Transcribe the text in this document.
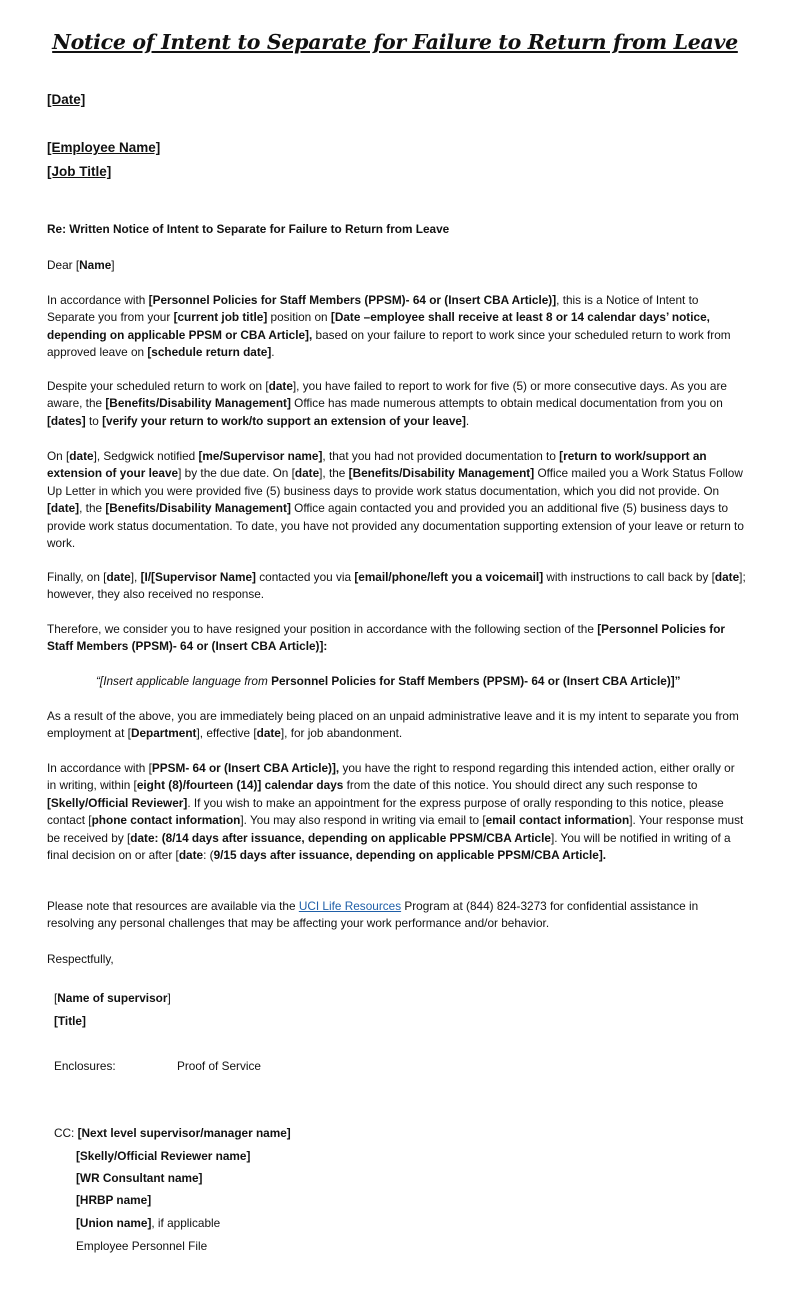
Notice of Intent to Separate for Failure to Return from Leave
[Date]
[Employee Name]
[Job Title]
Re: Written Notice of Intent to Separate for Failure to Return from Leave
Dear [Name]

In accordance with [Personnel Policies for Staff Members (PPSM)- 64 or (Insert CBA Article)], this is a Notice of Intent to Separate you from your [current job title] position on [Date –employee shall receive at least 8 or 14 calendar days’ notice, depending on applicable PPSM or CBA Article], based on your failure to report to work since your scheduled return to work from approved leave on [schedule return date].

Despite your scheduled return to work on [date], you have failed to report to work for five (5) or more consecutive days. As you are aware, the [Benefits/Disability Management] Office has made numerous attempts to obtain medical documentation from you on [dates] to [verify your return to work/to support an extension of your leave].

On [date], Sedgwick notified [me/Supervisor name], that you had not provided documentation to [return to work/support an extension of your leave] by the due date. On [date], the [Benefits/Disability Management] Office mailed you a Work Status Follow Up Letter in which you were provided five (5) business days to provide work status documentation, which you did not provide. On [date], the [Benefits/Disability Management] Office again contacted you and provided you an additional five (5) business days to provide work status documentation. To date, you have not provided any documentation supporting extension of your leave or return to work.

Finally, on [date], [I/[Supervisor Name] contacted you via [email/phone/left you a voicemail] with instructions to call back by [date]; however, they also received no response.

Therefore, we consider you to have resigned your position in accordance with the following section of the [Personnel Policies for Staff Members (PPSM)- 64 or (Insert CBA Article)]:

“[Insert applicable language from Personnel Policies for Staff Members (PPSM)- 64 or (Insert CBA Article)]”

As a result of the above, you are immediately being placed on an unpaid administrative leave and it is my intent to separate you from employment at [Department], effective [date], for job abandonment.

In accordance with [PPSM- 64 or (Insert CBA Article)], you have the right to respond regarding this intended action, either orally or in writing, within [eight (8)/fourteen (14)] calendar days from the date of this notice. You should direct any such response to [Skelly/Official Reviewer]. If you wish to make an appointment for the express purpose of orally responding to this notice, please contact [phone contact information]. You may also respond in writing via email to [email contact information]. Your response must be received by [date: (8/14 days after issuance, depending on applicable PPSM/CBA Article]. You will be notified in writing of a final decision on or after [date: (9/15 days after issuance, depending on applicable PPSM/CBA Article].

Please note that resources are available via the UCI Life Resources Program at (844) 824-3273 for confidential assistance in resolving any personal challenges that may be affecting your work performance and/or behavior.

Respectfully,
[Name of supervisor]
[Title]
Enclosures:	Proof of Service
CC: [Next level supervisor/manager name]
[Skelly/Official Reviewer name]
[WR Consultant name]
[HRBP name]
[Union name], if applicable
Employee Personnel File
